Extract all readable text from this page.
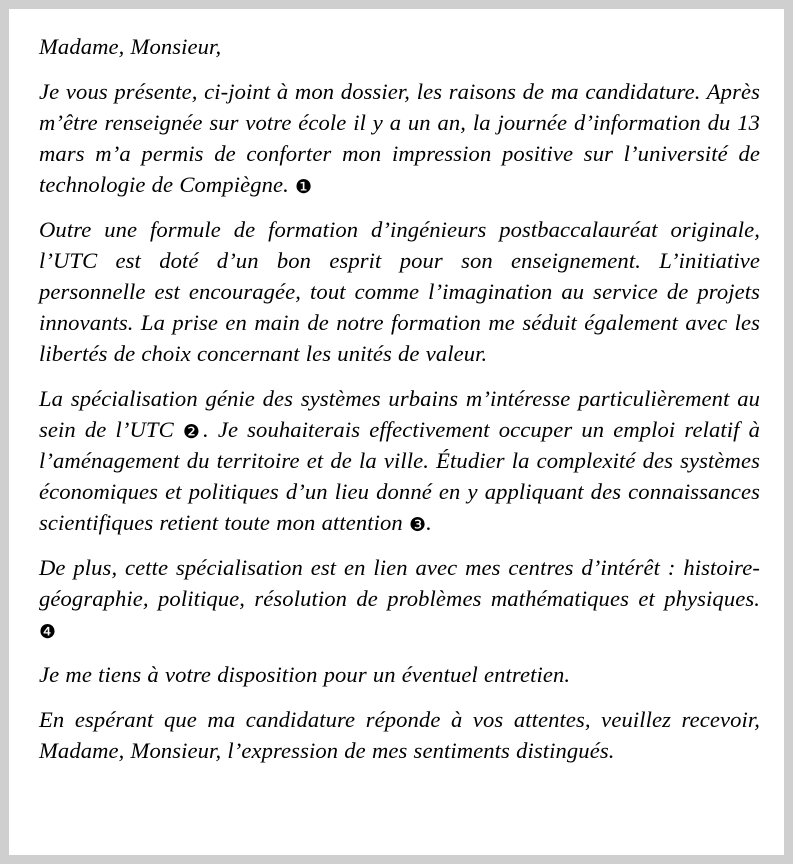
Madame, Monsieur,

Je vous présente, ci-joint à mon dossier, les raisons de ma candidature. Après m’être renseignée sur votre école il y a un an, la journée d’information du 13 mars m’a permis de conforter mon impression positive sur l’université de technologie de Compiègne. ❶

Outre une formule de formation d’ingénieurs postbaccalauréat originale, l’UTC est doté d’un bon esprit pour son enseignement. L’initiative personnelle est encouragée, tout comme l’imagination au service de projets innovants. La prise en main de notre formation me séduit également avec les libertés de choix concernant les unités de valeur.

La spécialisation génie des systèmes urbains m’intéresse particulièrement au sein de l’UTC ❷. Je souhaiterais effectivement occuper un emploi relatif à l’aménagement du territoire et de la ville. Étudier la complexité des systèmes économiques et politiques d’un lieu donné en y appliquant des connaissances scientifiques retient toute mon attention ❸.

De plus, cette spécialisation est en lien avec mes centres d’intérêt : histoire-géographie, politique, résolution de problèmes mathématiques et physiques. ❹

Je me tiens à votre disposition pour un éventuel entretien.

En espérant que ma candidature réponde à vos attentes, veuillez recevoir, Madame, Monsieur, l’expression de mes sentiments distingués.
